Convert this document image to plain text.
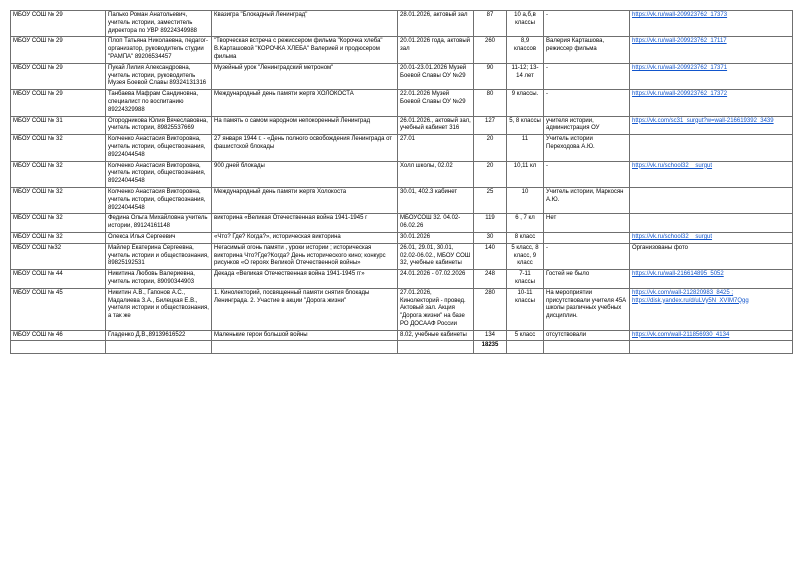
МБОУ СОШ № 29	Палько Роман Анатольевич, учитель истории, заместитель директора по УВР 89224349988	Квазигра "Блокадный Ленинград"	28.01.2026, актовый зал	87	10 а,б,в классы	-	https://vk.ru/wall-209923762_17373
МБОУ СОШ № 29	Плоп Татьяна Николаевна, педагог-организатор, руководитель студии "РАМПА" 89206534457	"Творческая встреча с режиссером фильма "Корочка хлеба" В.Карташовой "КОРОЧКА ХЛЕБА" Валерией и продюсером фильма	20.01.2026 года, актовый зал	260	8,9 классов	Валерия Карташова, режиссер фильма	https://vk.ru/wall-209923762_17117
МБОУ СОШ № 29	Пукай Лилия Александровна, учитель истории, руководитель Музея Боевой Славы 89324131316	Музейный урок "Ленинградский метроном"	20.01-23.01.2026 Музей Боевой Славы ОУ №29	90	11-12; 13-14 лет	-	https://vk.ru/wall-209923762_17371
МБОУ СОШ № 29	Танбаева Мафрам Сандиновна, специалист по воспитанию 89224329988	Международный день памяти жертв ХОЛОКОСТА	22.01.2026 Музей Боевой Славы ОУ №29	80	9 классы.	-	https://vk.ru/wall-209923762_17372
МБОУ СОШ № 31	Огородникова Юлия Вячеславовна, учитель истории, 89825537669	На память о самом народном непокоренный Ленинград	26.01.2026., актовый зал, учебный кабинет 316	127	5, 8 классы	учителя истории, администрация ОУ	https://vk.com/sc31_surgut?w=wall-216619392_3439
МБОУ СОШ № 32	Колченко Анастасия Викторовна, учитель истории, обществознания, 89224044548	27 января 1944 г. - «День полного освобождения Ленинграда от фашистской блокады	27.01	20	11	Учитель истории Переходова А.Ю.	
МБОУ СОШ № 32	Колченко Анастасия Викторовна, учитель истории, обществознания, 89224044548	900 дней блокады	Холл школы, 02.02	20	10,11 кл	-	https://vk.ru/school32__surgut
МБОУ СОШ № 32	Колченко Анастасия Викторовна, учитель истории, обществознания, 89224044548	Международный день памяти жертв Холокоста	30.01, 402.3 кабинет	25	10	Учитель истории, Маркосян А.Ю.	
МБОУ СОШ № 32	Федина Ольга Михайловна учитель истории, 89124161148	викторина «Великая Отечественная война 1941-1945 г	МБОУСОШ 32. 04.02-06.02.26	119	6 , 7 кл	Нет	
МБОУ СОШ № 32	Олекса Илья Сергеевич	«Что? Где? Когда?», историческая викторина	30.01.2026	30	8 класс		https://vk.ru/school32__surgut
МБОУ СОШ №32	Майлер Екатерина Сергеевна, учитель истории и обществознания, 89825192531	Негасимый огонь памяти , уроки истории ; историческая викторина Что?Где?Когда? День исторического кино; конкурс рисунков «О героях Великой Отечественной войны»	26.01, 29.01, 30.01, 02.02-06.02., МБОУ СОШ 32, учебные кабинеты	140	5 класс, 8 класс, 9 класс	-	Организованы фото
МБОУ СОШ № 44	Никитина Любовь Валериевна, учитель истории, 89090344903	Декада «Великая Отечественная война 1941-1945 гг»	24.01.2026 - 07.02.2026	248	7-11 классы	Гостей не было	https://vk.ru/wall-216614895_5052
МБОУ СОШ № 45	Никитин А.В., Гапонов А.С., Мадалиева З.А., Билецкая Е.В., учителя истории и обществознания, а так же	1. Кинолекторий, посвященный памяти снятия блокады Ленинграда. 2. Участие в акции "Дорога жизни"	27.01.2026, Кинолекторий - провед. Актовый зал. Акция "Дорога жизни" на базе РО ДОСААФ России	280	10-11 классы	На мероприятии присутствовали учителя 45А школы различных учебных дисциплин.	https://vk.com/wall-212820983_8425 ;
https://disk.yandex.ru/d/uLVy5N_XVIM7Qgg
МБОУ СОШ № 46	Гладенко Д.В.,89139616522	Маленькие герои большой войны	8.02, учебные кабинеты	134	5 класс	отсутствовали	https://vk.com/wall-211856930_4134
				18235			
